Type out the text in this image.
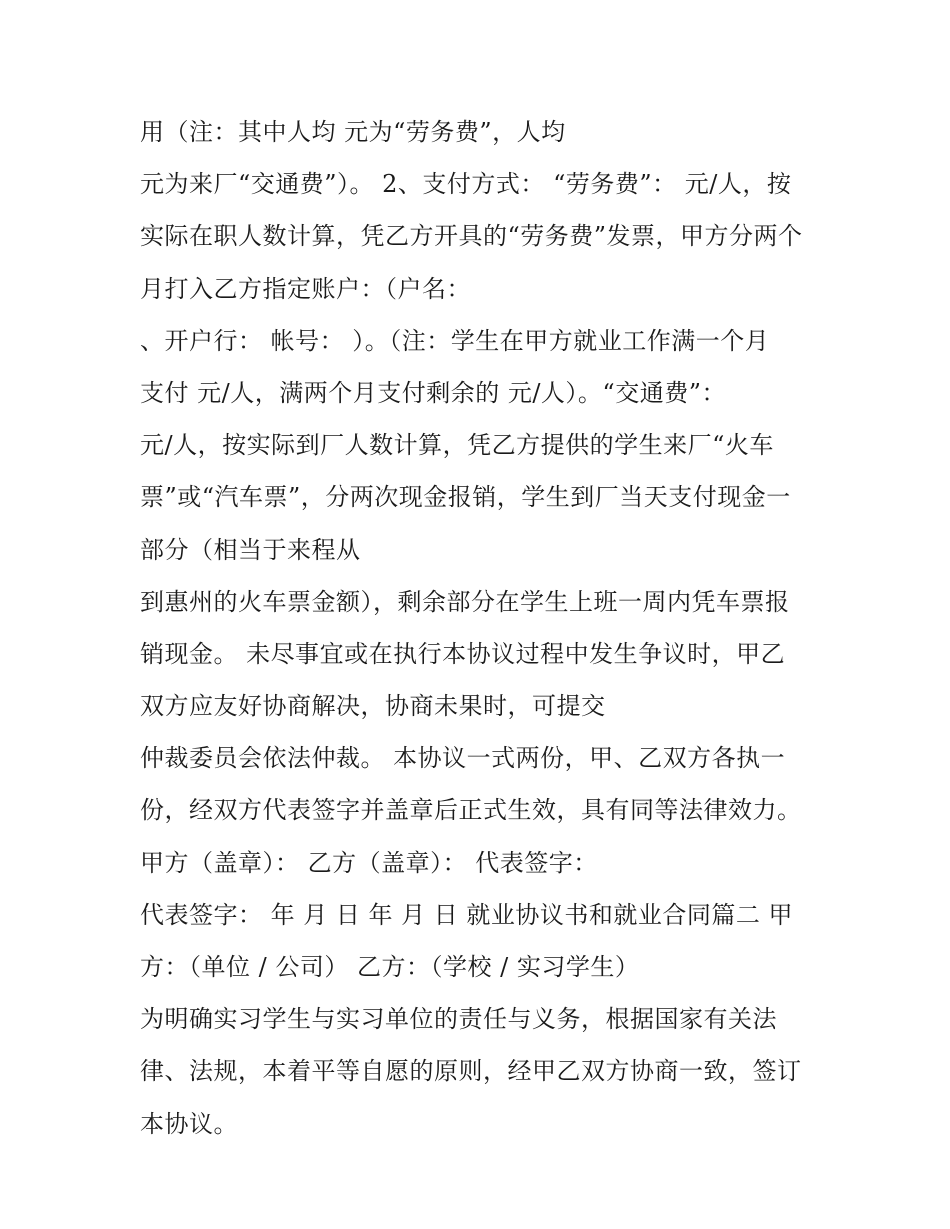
用（注：其中人均 元为“劳务费”，人均
元为来厂“交通费”）。 2、支付方式： “劳务费”： 元/人，按
实际在职人数计算，凭乙方开具的“劳务费”发票，甲方分两个
月打入乙方指定账户：（户名：
、开户行： 帐号： ）。（注：学生在甲方就业工作满一个月
支付 元/人，满两个月支付剩余的 元/人）。“交通费”：
元/人，按实际到厂人数计算，凭乙方提供的学生来厂“火车
票”或“汽车票”，分两次现金报销，学生到厂当天支付现金一
部分（相当于来程从
到惠州的火车票金额），剩余部分在学生上班一周内凭车票报
销现金。 未尽事宜或在执行本协议过程中发生争议时，甲乙
双方应友好协商解决，协商未果时，可提交
仲裁委员会依法仲裁。 本协议一式两份，甲、乙双方各执一
份，经双方代表签字并盖章后正式生效，具有同等法律效力。
甲方（盖章）： 乙方（盖章）： 代表签字：
代表签字： 年 月 日 年 月 日 就业协议书和就业合同篇二 甲
方：（单位 / 公司） 乙方：（学校 / 实习学生）
为明确实习学生与实习单位的责任与义务，根据国家有关法
律、法规，本着平等自愿的原则，经甲乙双方协商一致，签订
本协议。
